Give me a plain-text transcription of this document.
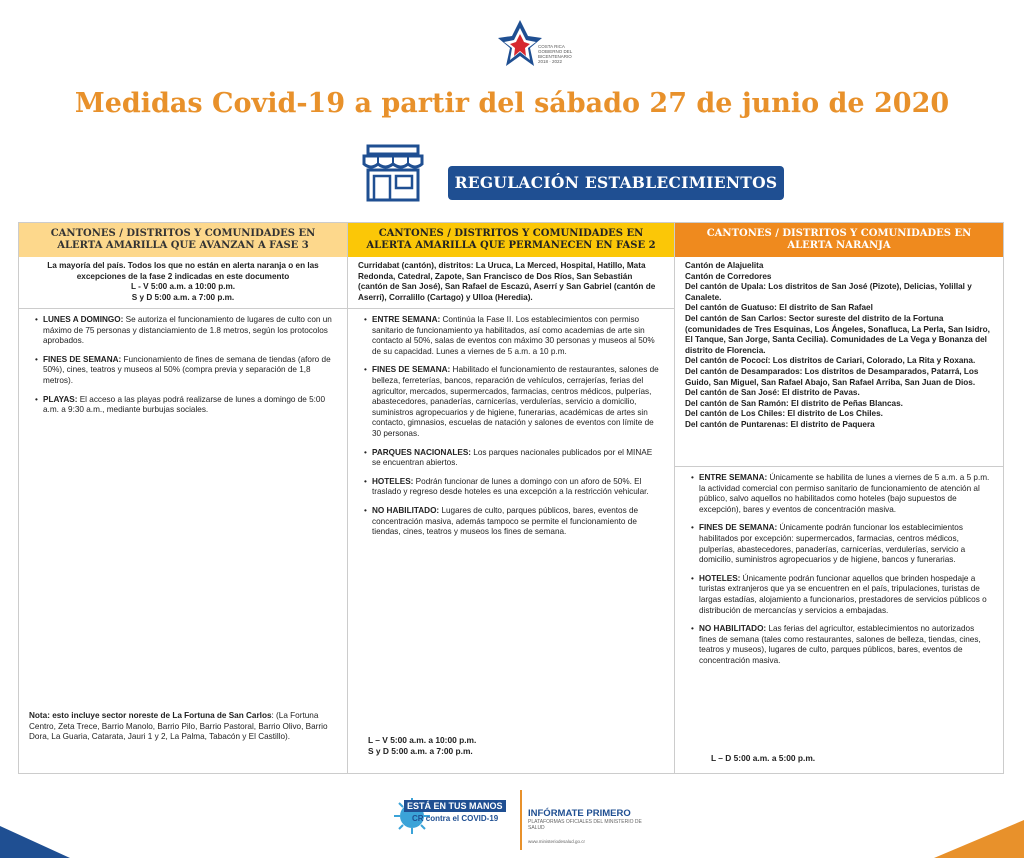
COSTA RICA
GOBIERNO DEL BICENTENARIO
2018 · 2022
Medidas Covid-19 a partir del sábado 27 de junio de 2020
REGULACIÓN ESTABLECIMIENTOS
CANTONES / DISTRITOS Y COMUNIDADES EN ALERTA AMARILLA QUE AVANZAN A FASE 3
La mayoría del país. Todos los que no están en alerta naranja o en las excepciones de la fase 2 indicadas en este documento
L - V 5:00 a.m. a 10:00 p.m.
S y D 5:00 a.m. a 7:00 p.m.
• LUNES A DOMINGO: Se autoriza el funcionamiento de lugares de culto con un máximo de 75 personas y distanciamiento de 1.8 metros, según los protocolos aprobados.
• FINES DE SEMANA: Funcionamiento de fines de semana de tiendas (aforo de 50%), cines, teatros y museos al 50% (compra previa y separación de 1,8 metros).
• PLAYAS: El acceso a las playas podrá realizarse de lunes a domingo de 5:00 a.m. a 9:30 a.m., mediante burbujas sociales.
Nota: esto incluye sector noreste de La Fortuna de San Carlos: (La Fortuna Centro, Zeta Trece, Barrio Manolo, Barrio Pilo, Barrio Pastoral, Barrio Olivo, Barrio Dora, La Guaria, Catarata, Jauri 1 y 2, La Palma, Tabacón y El Castillo).
CANTONES / DISTRITOS Y COMUNIDADES EN ALERTA AMARILLA QUE PERMANECEN EN FASE 2
Curridabat (cantón), distritos: La Uruca, La Merced, Hospital, Hatillo, Mata Redonda, Catedral, Zapote, San Francisco de Dos Ríos, San Sebastián (cantón de San José), San Rafael de Escazú, Aserrí y San Gabriel (cantón de Aserrí), Corralillo (Cartago) y Ulloa (Heredia).
• ENTRE SEMANA: Continúa la Fase II. Los establecimientos con permiso sanitario de funcionamiento ya habilitados, así como academias de arte sin contacto al 50%, salas de eventos con máximo 30 personas y museos al 50% de su capacidad. Lunes a viernes de 5 a.m. a 10 p.m.
• FINES DE SEMANA: Habilitado el funcionamiento de restaurantes, salones de belleza, ferreterías, bancos, reparación de vehículos, cerrajerías, ferias del agricultor, mercados, supermercados, farmacias, centros médicos, pulperías, abastecedores, panaderías, carnicerías, verdulerías, servicio a domicilio, suministros agropecuarios y de higiene, funerarias, académicas de artes sin contacto, gimnasios, escuelas de natación y salones de eventos con límite de 30 personas.
• PARQUES NACIONALES: Los parques nacionales publicados por el MINAE se encuentran abiertos.
• HOTELES: Podrán funcionar de lunes a domingo con un aforo de 50%. El traslado y regreso desde hoteles es una excepción a la restricción vehicular.
• NO HABILITADO: Lugares de culto, parques públicos, bares, eventos de concentración masiva, además tampoco se permite el funcionamiento de tiendas, cines, teatros y museos los fines de semana.
L – V 5:00 a.m. a 10:00 p.m.
S y D 5:00 a.m. a 7:00 p.m.
CANTONES / DISTRITOS Y COMUNIDADES EN ALERTA NARANJA
Cantón de Alajuelita
Cantón de Corredores
Del cantón de Upala: Los distritos de San José (Pizote), Delicias, Yolillal y Canalete.
Del cantón de Guatuso: El distrito de San Rafael
Del cantón de San Carlos: Sector sureste del distrito de la Fortuna (comunidades de Tres Esquinas, Los Ángeles, Sonafluca, La Perla, San Isidro, El Tanque, San Jorge, Santa Cecilia). Comunidades de La Vega y Bonanza del distrito de Florencia.
Del cantón de Pococí: Los distritos de Cariari, Colorado, La Rita y Roxana.
Del cantón de Desamparados: Los distritos de Desamparados, Patarrá, Los Guido, San Miguel, San Rafael Abajo, San Rafael Arriba, San Juan de Dios.
Del cantón de San José: El distrito de Pavas.
Del cantón de San Ramón: El distrito de Peñas Blancas.
Del cantón de Los Chiles: El distrito de Los Chiles.
Del cantón de Puntarenas: El distrito de Paquera
• ENTRE SEMANA: Únicamente se habilita de lunes a viernes de 5 a.m. a 5 p.m. la actividad comercial con permiso sanitario de funcionamiento de atención al público, salvo aquellos no habilitados como hoteles (bajo supuestos de excepción), bares y eventos de concentración masiva.
• FINES DE SEMANA: Únicamente podrán funcionar los establecimientos habilitados por excepción: supermercados, farmacias, centros médicos, pulperías, abastecedores, panaderías, carnicerías, verdulerías, servicio a domicilio, suministros agropecuarios y de higiene, bancos y funerarias.
• HOTELES: Únicamente podrán funcionar aquellos que brinden hospedaje a turistas extranjeros que ya se encuentren en el país, tripulaciones, turistas de largas estadías, alojamiento a funcionarios, prestadores de servicios públicos o distribución de mercancías y servicios a embajadas.
• NO HABILITADO: Las ferias del agricultor, establecimientos no autorizados fines de semana (tales como restaurantes, salones de belleza, tiendas, cines, teatros y museos), lugares de culto, parques públicos, bares, eventos de concentración masiva.
L – D 5:00 a.m. a 5:00 p.m.
ESTÁ EN TUS MANOS
CR contra el COVID-19	INFÓRMATE PRIMERO
PLATAFORMAS OFICIALES DEL MINISTERIO DE SALUD
www.ministeriodesalud.go.cr
